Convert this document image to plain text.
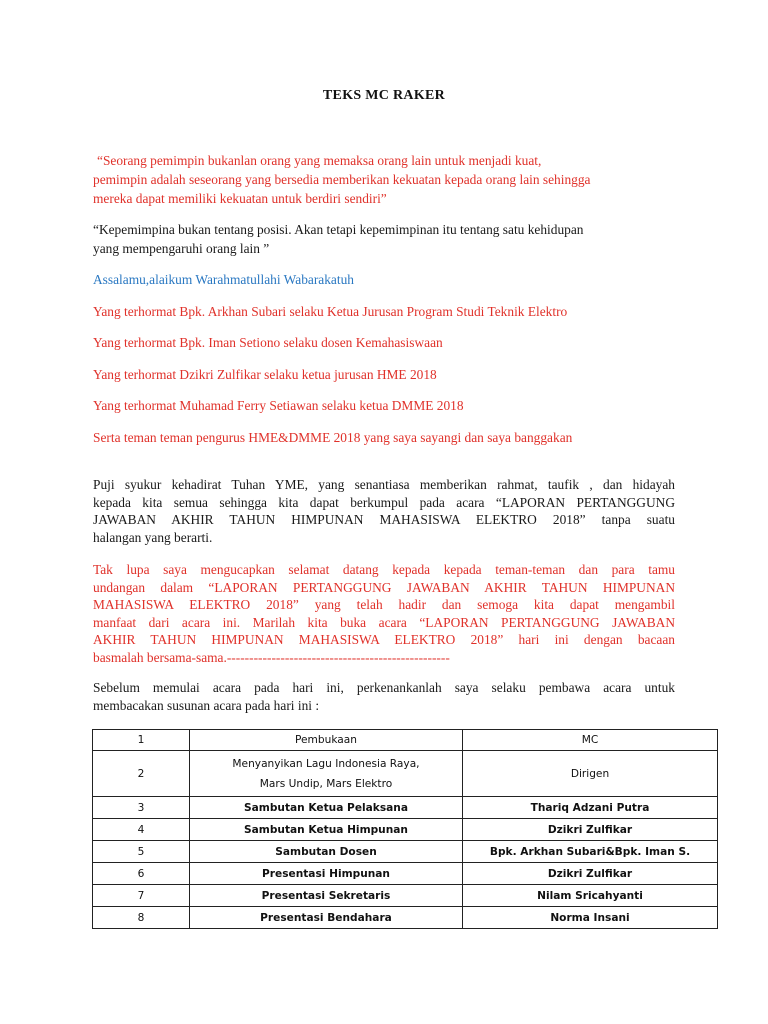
TEKS MC RAKER
“Seorang pemimpin bukanlan orang yang memaksa orang lain untuk menjadi kuat,
pemimpin adalah seseorang yang bersedia memberikan kekuatan kepada orang lain sehingga
mereka dapat memiliki kekuatan untuk berdiri sendiri”
“Kepemimpina bukan tentang posisi. Akan tetapi kepemimpinan itu tentang satu kehidupan
yang mempengaruhi orang lain ”
Assalamu,alaikum Warahmatullahi Wabarakatuh
Yang terhormat Bpk. Arkhan Subari selaku Ketua Jurusan Program Studi Teknik Elektro
Yang terhormat Bpk. Iman Setiono selaku dosen Kemahasiswaan
Yang terhormat Dzikri Zulfikar selaku ketua jurusan HME 2018
Yang terhormat Muhamad Ferry Setiawan selaku ketua DMME 2018
Serta teman teman pengurus HME&DMME 2018 yang saya sayangi dan saya banggakan
Puji syukur kehadirat Tuhan YME, yang senantiasa memberikan rahmat, taufik , dan hidayah
kepada kita semua sehingga kita dapat berkumpul pada acara “LAPORAN PERTANGGUNG
JAWABAN AKHIR TAHUN HIMPUNAN MAHASISWA ELEKTRO 2018” tanpa suatu
halangan yang berarti.
Tak lupa saya mengucapkan selamat datang kepada kepada teman-teman dan para tamu
undangan dalam “LAPORAN PERTANGGUNG JAWABAN AKHIR TAHUN HIMPUNAN
MAHASISWA ELEKTRO 2018” yang telah hadir dan semoga kita dapat mengambil
manfaat dari acara ini. Marilah kita buka acara “LAPORAN PERTANGGUNG JAWABAN
AKHIR TAHUN HIMPUNAN MAHASISWA ELEKTRO 2018” hari ini dengan bacaan
basmalah bersama-sama.--------------------------------------------------
Sebelum memulai acara pada hari ini, perkenankanlah saya selaku pembawa acara untuk
membacakan susunan acara pada hari ini :
1	Pembukaan	MC
2	Menyanyikan Lagu Indonesia Raya,
Mars Undip, Mars Elektro	Dirigen
3	Sambutan Ketua Pelaksana	Thariq Adzani Putra
4	Sambutan Ketua Himpunan	Dzikri Zulfikar
5	Sambutan Dosen	Bpk. Arkhan Subari&Bpk. Iman S.
6	Presentasi Himpunan	Dzikri Zulfikar
7	Presentasi Sekretaris	Nilam Sricahyanti
8	Presentasi Bendahara	Norma Insani
